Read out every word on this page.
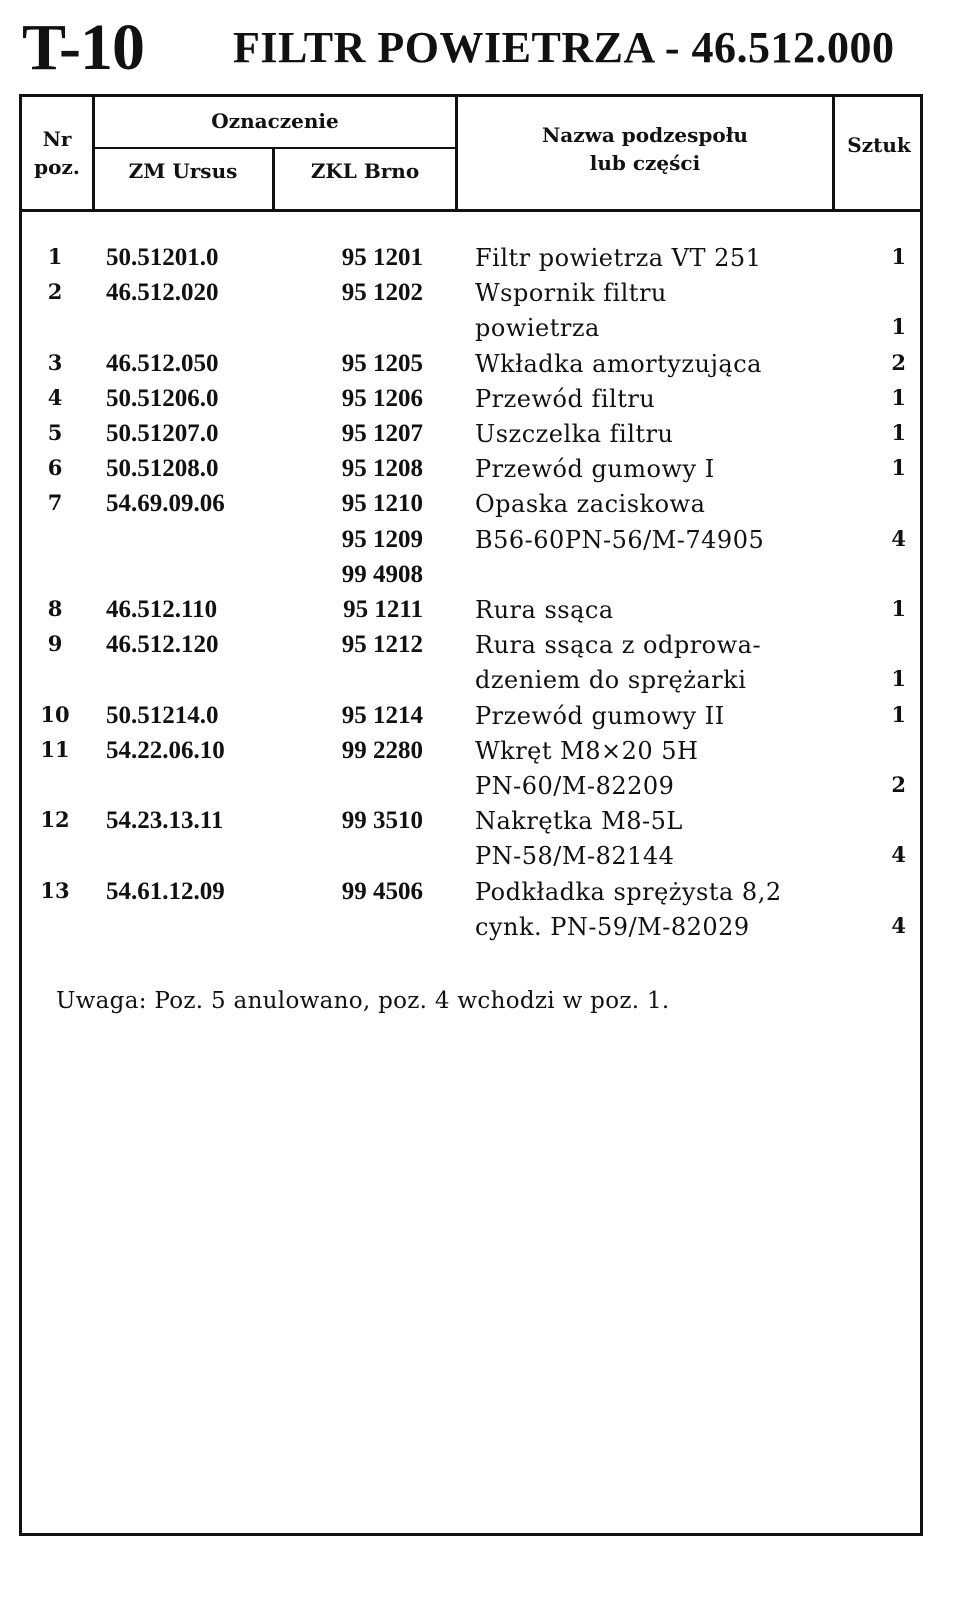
T-10 FILTR POWIETRZA - 46.512.000
Nr
poz.
Oznaczenie
ZM Ursus	ZKL Brno
Nazwa podzespołu
lub części
Sztuk
1	50.51201.0	95 1201 Filtr powietrza VT 251	1
2	46.512.020	95 1202 Wspornik filtru
powietrza	1
3	46.512.050	95 1205 Wkładka amortyzująca	2
4	50.51206.0	95 1206 Przewód filtru	1
5	50.51207.0	95 1207 Uszczelka filtru	1
6	50.51208.0	95 1208 Przewód gumowy I	1
7	54.69.09.06	95 1210 Opaska zaciskowa
95 1209 B56-60PN-56/M-74905	4
99 4908
8	46.512.110	95 1211 Rura ssąca	1
9	46.512.120	95 1212 Rura ssąca z odprowa-
dzeniem do sprężarki	1
10	50.51214.0	95 1214 Przewód gumowy II	1
11	54.22.06.10	99 2280 Wkręt M8×20 5H
PN-60/M-82209	2
12	54.23.13.11	99 3510 Nakrętka M8-5L
PN-58/M-82144	4
13	54.61.12.09	99 4506 Podkładka sprężysta 8,2
cynk. PN-59/M-82029	4
Uwaga: Poz. 5 anulowano, poz. 4 wchodzi w poz. 1.
